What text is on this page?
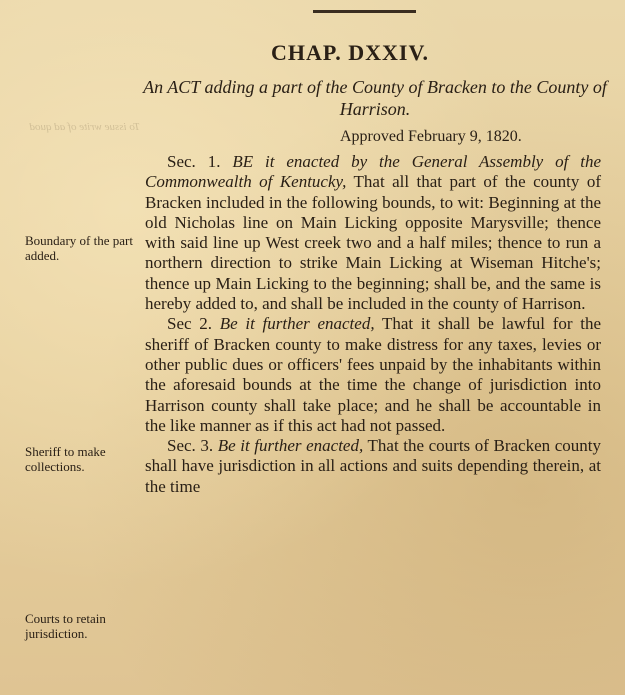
CHAP. DXXIV.
An ACT adding a part of the County of Bracken to the County of Harrison.
Approved February 9, 1820.
To issue write of ad quod
Boundary of the part added.
Sheriff to make collections.
Courts to retain jurisdiction.

Sec. 1. BE it enacted by the General Assembly of the Commonwealth of Kentucky, That all that part of the county of Bracken included in the following bounds, to wit: Beginning at the old Nicholas line on Main Licking opposite Marysville; thence with said line up West creek two and a half miles; thence to run a northern direction to strike Main Licking at Wiseman Hitche's; thence up Main Licking to the beginning; shall be, and the same is hereby added to, and shall be included in the county of Harrison.

Sec 2. Be it further enacted, That it shall be lawful for the sheriff of Bracken county to make distress for any taxes, levies or other public dues or officers' fees unpaid by the inhabitants within the aforesaid bounds at the time the change of jurisdiction into Harrison county shall take place; and he shall be accountable in the like manner as if this act had not passed.

Sec. 3. Be it further enacted, That the courts of Bracken county shall have jurisdiction in all actions and suits depending therein, at the time
